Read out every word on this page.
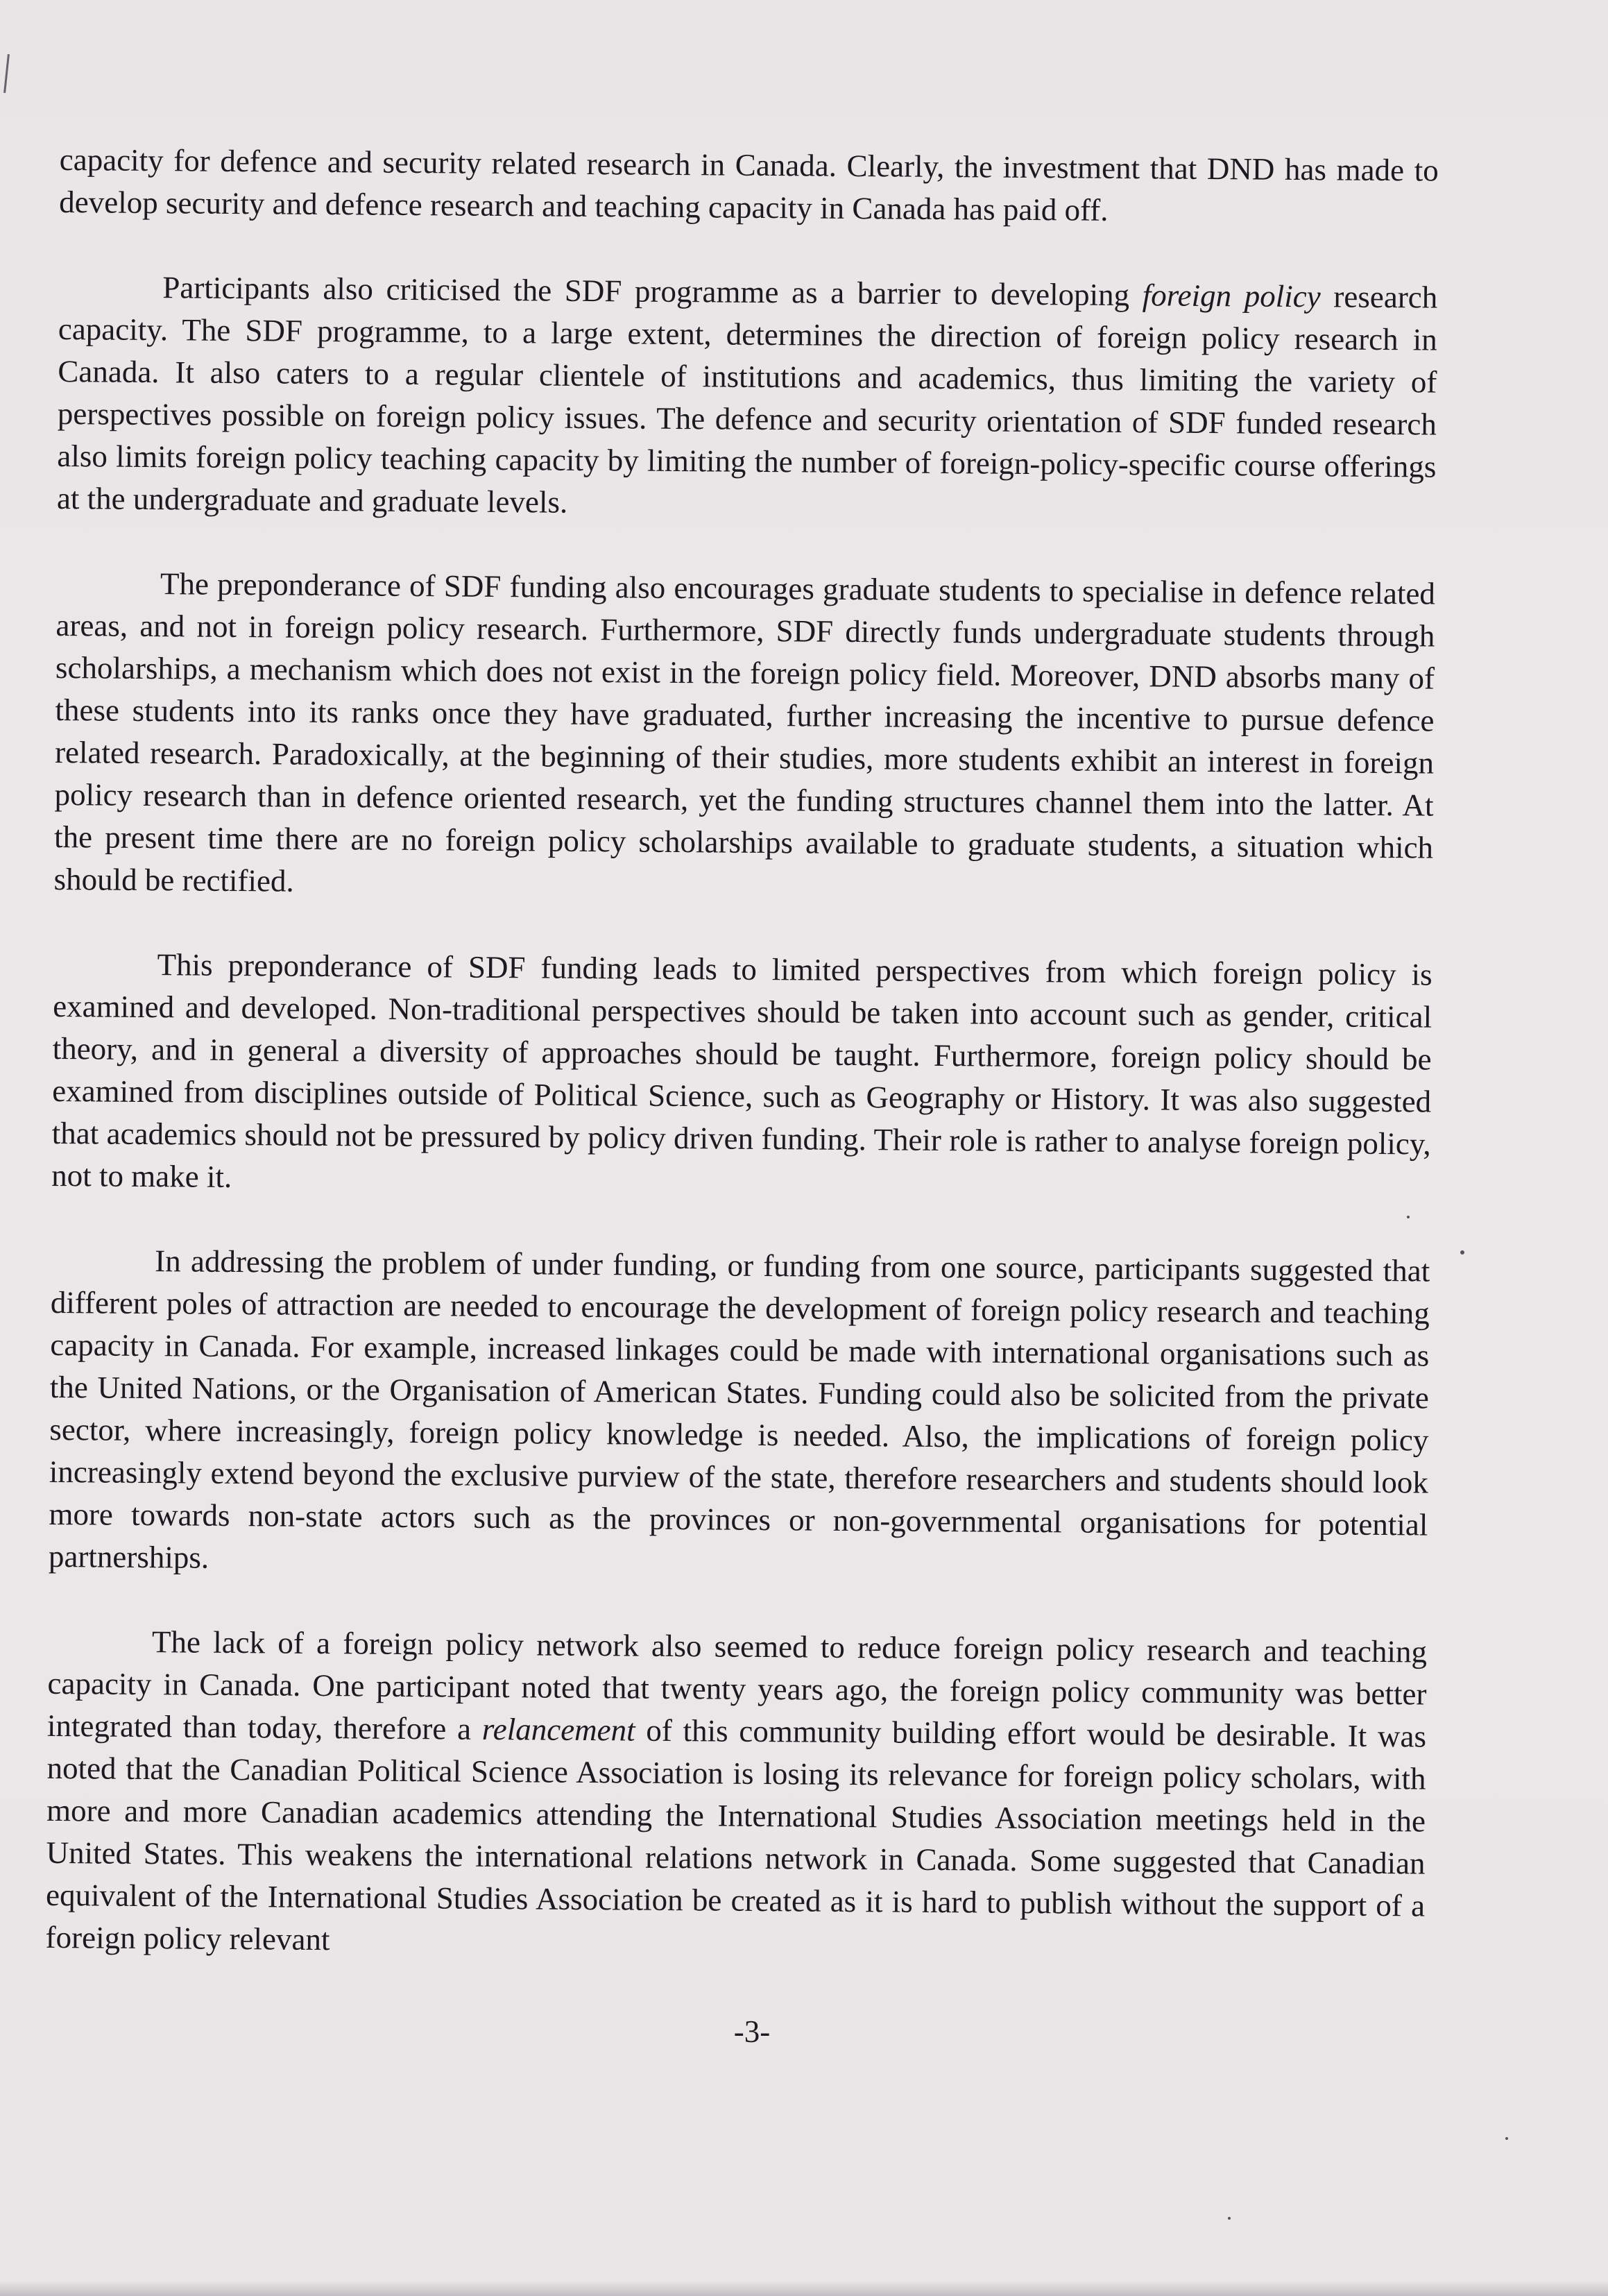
capacity for defence and security related research in Canada. Clearly, the investment that DND has made to develop security and defence research and teaching capacity in Canada has paid off.

Participants also criticised the SDF programme as a barrier to developing foreign policy research capacity. The SDF programme, to a large extent, determines the direction of foreign policy research in Canada. It also caters to a regular clientele of institutions and academics, thus limiting the variety of perspectives possible on foreign policy issues. The defence and security orientation of SDF funded research also limits foreign policy teaching capacity by limiting the number of foreign-policy-specific course offerings at the undergraduate and graduate levels.

The preponderance of SDF funding also encourages graduate students to specialise in defence related areas, and not in foreign policy research. Furthermore, SDF directly funds undergraduate students through scholarships, a mechanism which does not exist in the foreign policy field. Moreover, DND absorbs many of these students into its ranks once they have graduated, further increasing the incentive to pursue defence related research. Paradoxically, at the beginning of their studies, more students exhibit an interest in foreign policy research than in defence oriented research, yet the funding structures channel them into the latter. At the present time there are no foreign policy scholarships available to graduate students, a situation which should be rectified.

This preponderance of SDF funding leads to limited perspectives from which foreign policy is examined and developed. Non-traditional perspectives should be taken into account such as gender, critical theory, and in general a diversity of approaches should be taught. Furthermore, foreign policy should be examined from disciplines outside of Political Science, such as Geography or History. It was also suggested that academics should not be pressured by policy driven funding. Their role is rather to analyse foreign policy, not to make it.

In addressing the problem of under funding, or funding from one source, participants suggested that different poles of attraction are needed to encourage the development of foreign policy research and teaching capacity in Canada. For example, increased linkages could be made with international organisations such as the United Nations, or the Organisation of American States. Funding could also be solicited from the private sector, where increasingly, foreign policy knowledge is needed. Also, the implications of foreign policy increasingly extend beyond the exclusive purview of the state, therefore researchers and students should look more towards non-state actors such as the provinces or non-governmental organisations for potential partnerships.

The lack of a foreign policy network also seemed to reduce foreign policy research and teaching capacity in Canada. One participant noted that twenty years ago, the foreign policy community was better integrated than today, therefore a relancement of this community building effort would be desirable. It was noted that the Canadian Political Science Association is losing its relevance for foreign policy scholars, with more and more Canadian academics attending the International Studies Association meetings held in the United States. This weakens the international relations network in Canada. Some suggested that Canadian equivalent of the International Studies Association be created as it is hard to publish without the support of a foreign policy relevant

-3-
